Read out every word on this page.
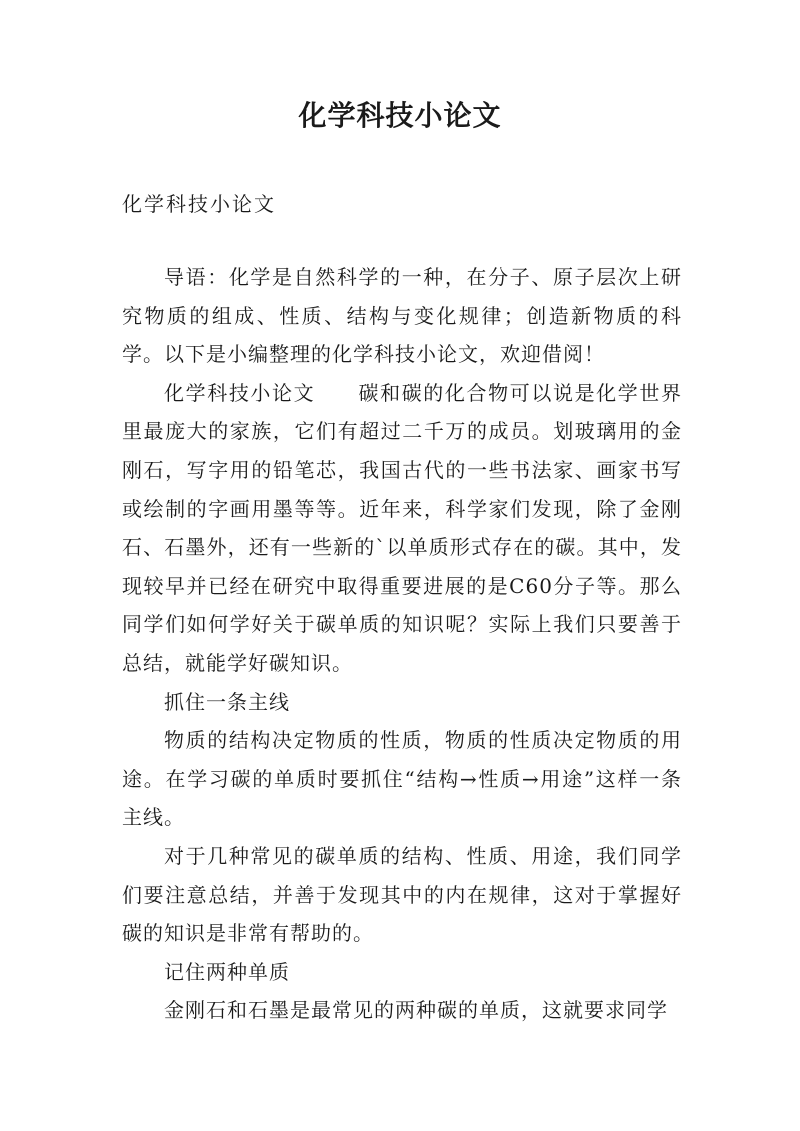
化学科技小论文

化学科技小论文

导语：化学是自然科学的一种，在分子、原子层次上研究物质的组成、性质、结构与变化规律；创造新物质的科学。以下是小编整理的化学科技小论文，欢迎借阅！

化学科技小论文　　碳和碳的化合物可以说是化学世界里最庞大的家族，它们有超过二千万的成员。划玻璃用的金刚石，写字用的铅笔芯，我国古代的一些书法家、画家书写或绘制的字画用墨等等。近年来，科学家们发现，除了金刚石、石墨外，还有一些新的`以单质形式存在的碳。其中，发现较早并已经在研究中取得重要进展的是C60分子等。那么同学们如何学好关于碳单质的知识呢？实际上我们只要善于总结，就能学好碳知识。

抓住一条主线

物质的结构决定物质的性质，物质的性质决定物质的用途。在学习碳的单质时要抓住“结构→性质→用途”这样一条主线。

对于几种常见的碳单质的结构、性质、用途，我们同学们要注意总结，并善于发现其中的内在规律，这对于掌握好碳的知识是非常有帮助的。

记住两种单质

金刚石和石墨是最常见的两种碳的单质，这就要求同学
